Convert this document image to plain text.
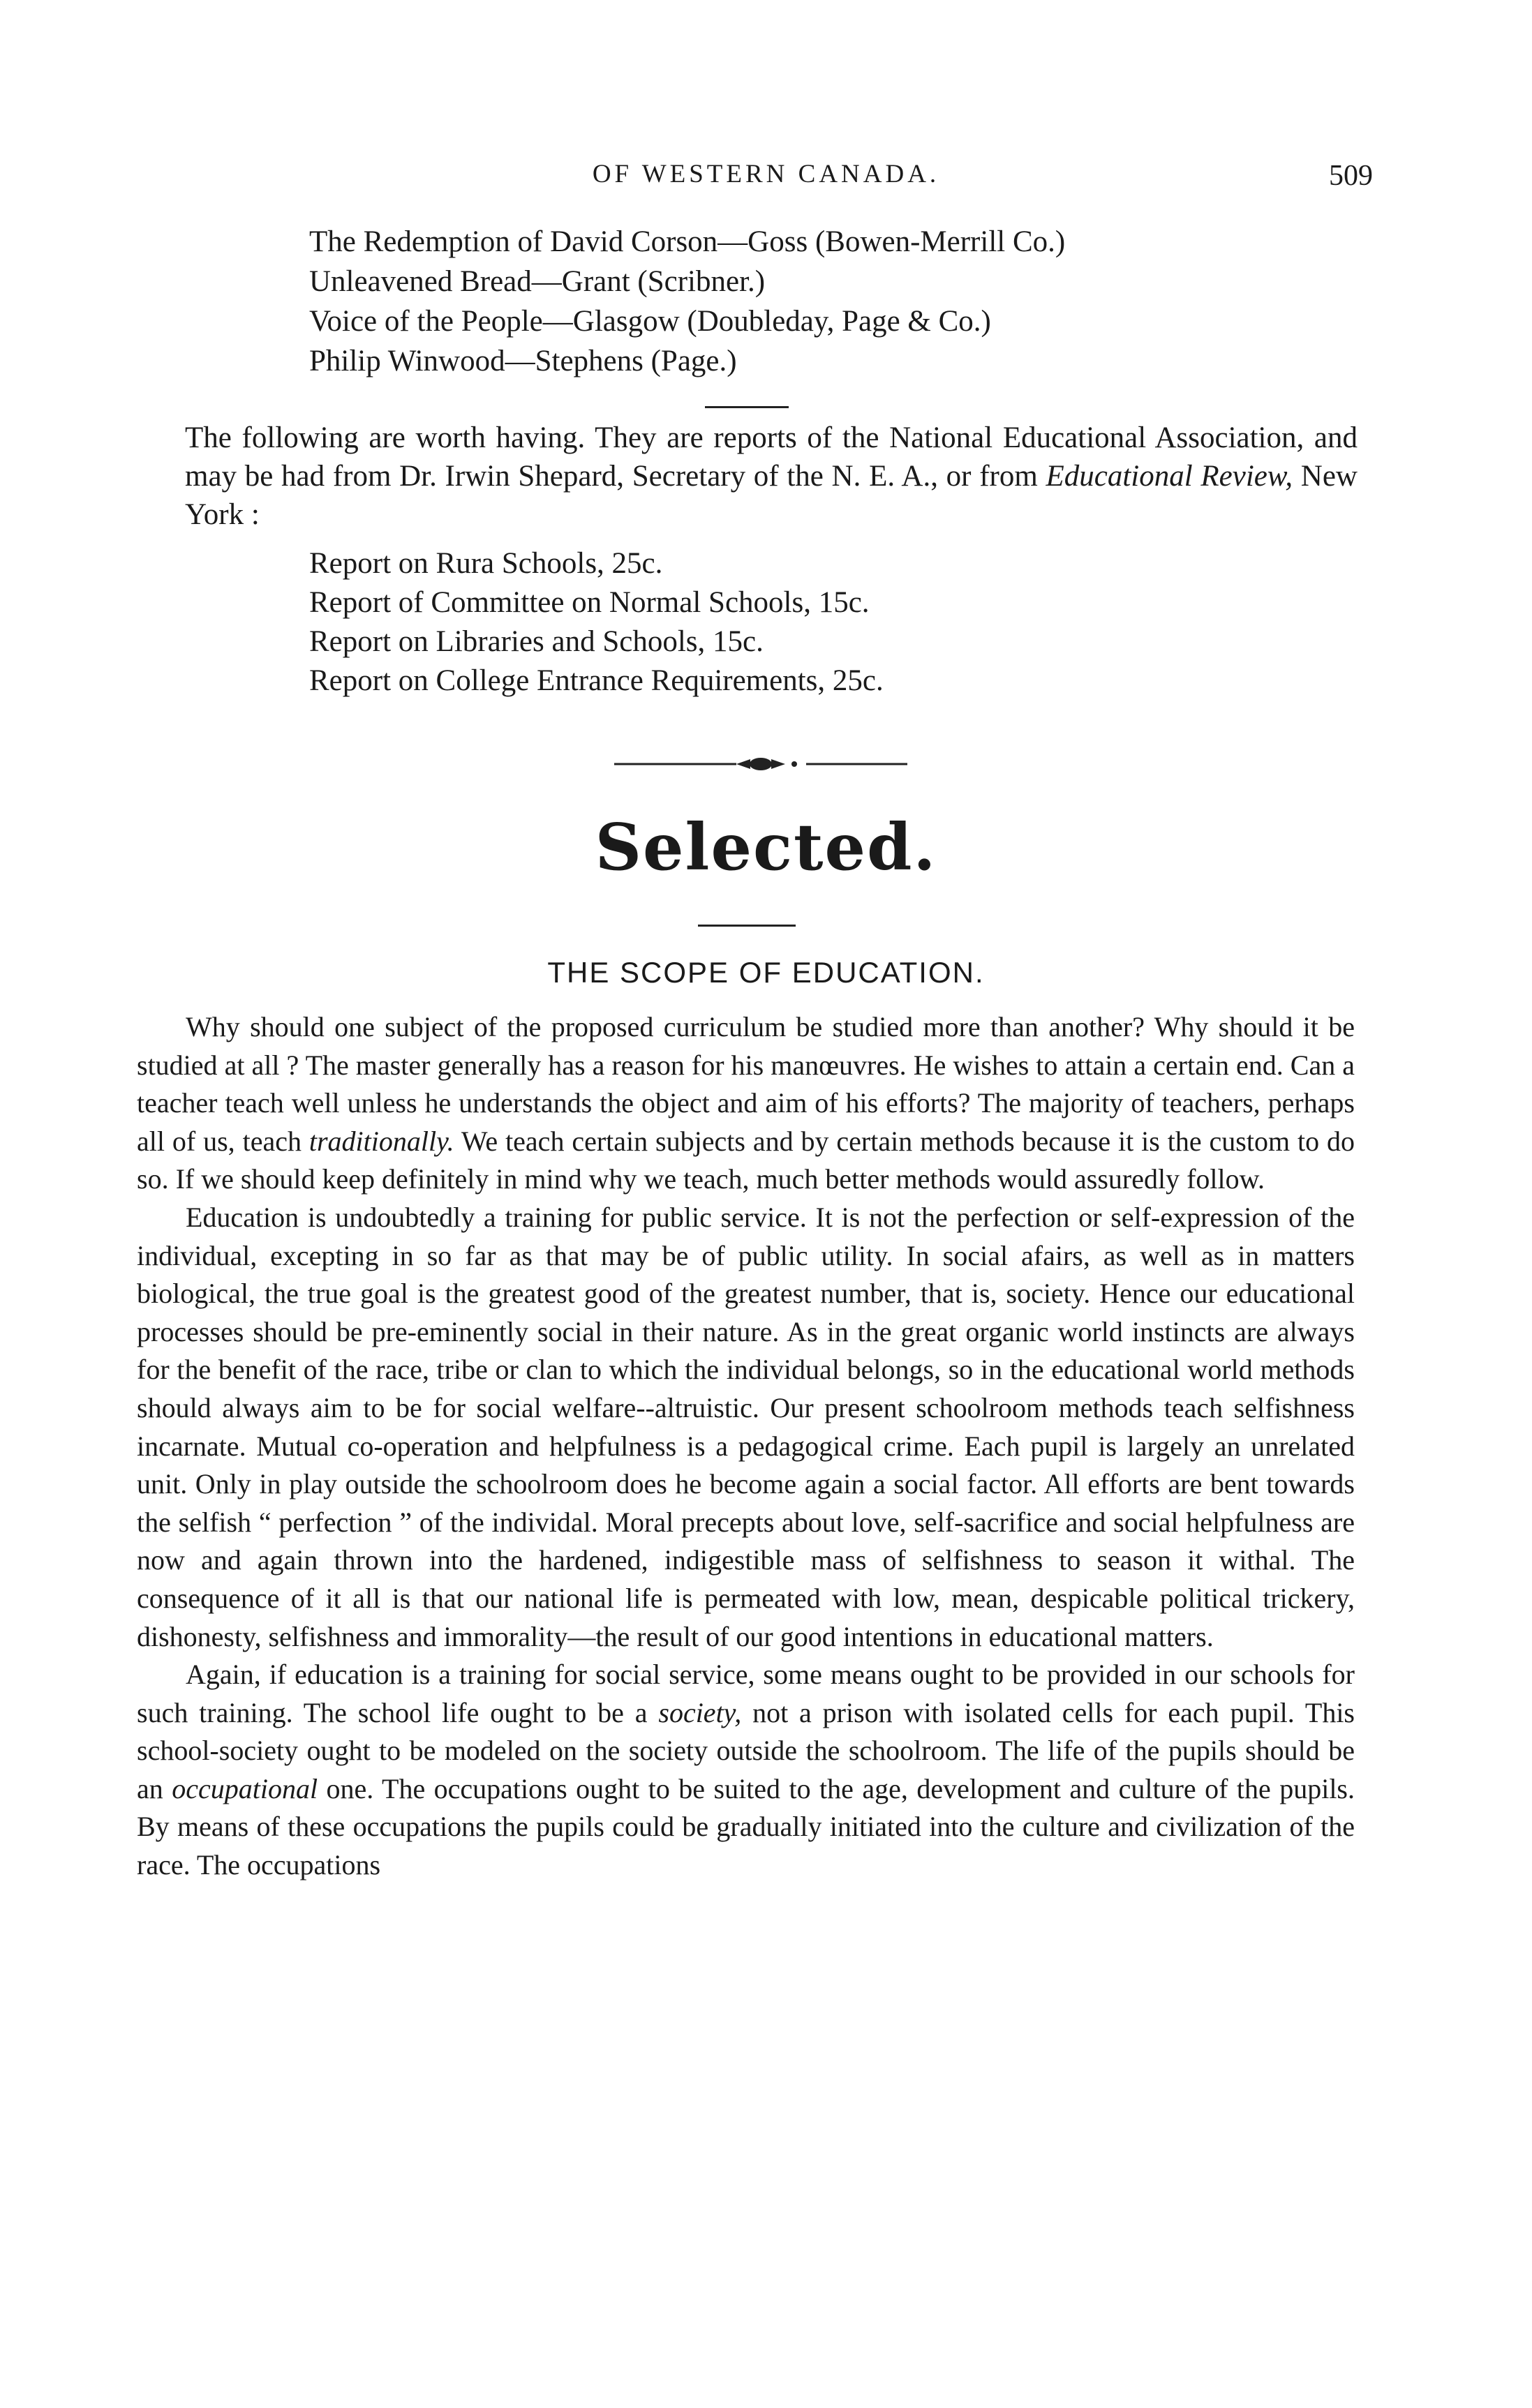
OF WESTERN CANADA.	509
The Redemption of David Corson—Goss (Bowen-Merrill Co.)
Unleavened Bread—Grant (Scribner.)
Voice of the People—Glasgow (Doubleday, Page & Co.)
Philip Winwood—Stephens (Page.)
The following are worth having. They are reports of the National Educational Association, and may be had from Dr. Irwin Shepard, Secretary of the N. E. A., or from Educational Review, New York :
Report on Rura Schools, 25c.
Report of Committee on Normal Schools, 15c.
Report on Libraries and Schools, 15c.
Report on College Entrance Requirements, 25c.
Selected.
THE SCOPE OF EDUCATION.

Why should one subject of the proposed curriculum be studied more than another? Why should it be studied at all ? The master generally has a reason for his manœuvres. He wishes to attain a certain end. Can a teacher teach well unless he understands the object and aim of his efforts? The majority of teachers, perhaps all of us, teach traditionally. We teach certain subjects and by certain methods because it is the custom to do so. If we should keep definitely in mind why we teach, much better methods would assuredly follow.

Education is undoubtedly a training for public service. It is not the perfection or self-expression of the individual, excepting in so far as that may be of public utility. In social afairs, as well as in matters biological, the true goal is the greatest good of the greatest number, that is, society. Hence our educational processes should be pre-eminently social in their nature. As in the great organic world instincts are always for the benefit of the race, tribe or clan to which the individual belongs, so in the educational world methods should always aim to be for social welfare--altruistic. Our present schoolroom methods teach selfishness incarnate. Mutual co-operation and helpfulness is a pedagogical crime. Each pupil is largely an unrelated unit. Only in play outside the schoolroom does he become again a social factor. All efforts are bent towards the selfish “ perfection ” of the individal. Moral precepts about love, self-sacrifice and social helpfulness are now and again thrown into the hardened, indigestible mass of selfishness to season it withal. The consequence of it all is that our national life is permeated with low, mean, despicable political trickery, dishonesty, selfishness and immorality—the result of our good intentions in educational matters.

Again, if education is a training for social service, some means ought to be provided in our schools for such training. The school life ought to be a society, not a prison with isolated cells for each pupil. This school-society ought to be modeled on the society outside the schoolroom. The life of the pupils should be an occupational one. The occupations ought to be suited to the age, development and culture of the pupils. By means of these occupations the pupils could be gradually initiated into the culture and civilization of the race. The occupations
